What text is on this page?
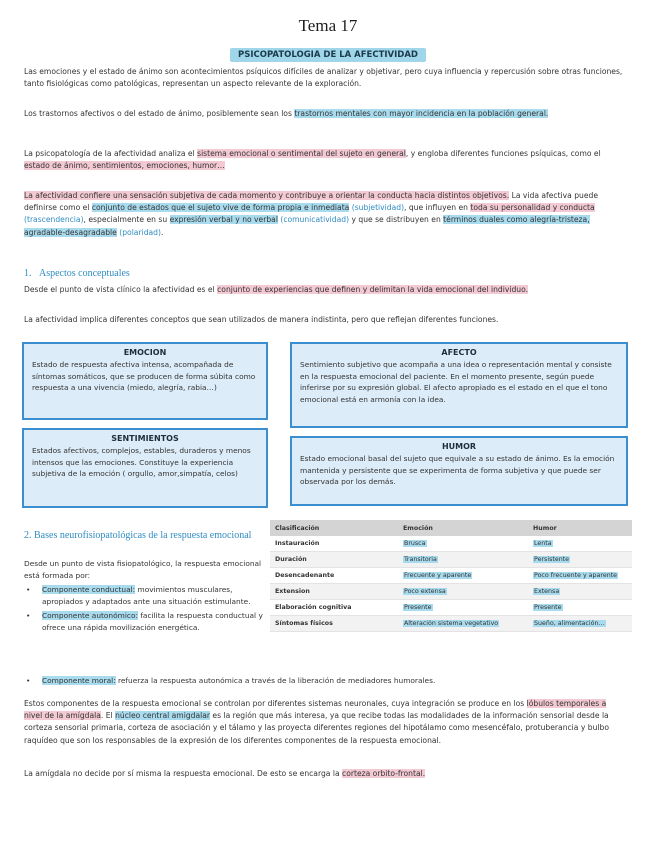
Tema 17
PSICOPATOLOGIA DE LA AFECTIVIDAD
Las emociones y el estado de ánimo son acontecimientos psíquicos difíciles de analizar y objetivar, pero cuya influencia y repercusión sobre otras funciones, tanto fisiológicas como patológicas, representan un aspecto relevante de la exploración.
Los trastornos afectivos o del estado de ánimo, posiblemente sean los trastornos mentales con mayor incidencia en la población general.
La psicopatología de la afectividad analiza el sistema emocional o sentimental del sujeto en general, y engloba diferentes funciones psíquicas, como el estado de ánimo, sentimientos, emociones, humor…
La afectividad confiere una sensación subjetiva de cada momento y contribuye a orientar la conducta hacia distintos objetivos. La vida afectiva puede definirse como el conjunto de estados que el sujeto vive de forma propia e inmediata (subjetividad), que influyen en toda su personalidad y conducta (trascendencia), especialmente en su expresión verbal y no verbal (comunicatividad) y que se distribuyen en términos duales como alegría-tristeza, agradable-desagradable (polaridad).
1. Aspectos conceptuales
Desde el punto de vista clínico la afectividad es el conjunto de experiencias que definen y delimitan la vida emocional del individuo.
La afectividad implica diferentes conceptos que sean utilizados de manera indistinta, pero que reflejan diferentes funciones.
EMOCION
Estado de respuesta afectiva intensa, acompañada de síntomas somáticos, que se producen de forma súbita como respuesta a una vivencia (miedo, alegría, rabia…)
AFECTO
Sentimiento subjetivo que acompaña a una idea o representación mental y consiste en la respuesta emocional del paciente. En el momento presente, según puede inferirse por su expresión global. El afecto apropiado es el estado en el que el tono emocional está en armonía con la idea.
SENTIMIENTOS
Estados afectivos, complejos, estables, duraderos y menos intensos que las emociones. Constituye la experiencia subjetiva de la emoción ( orgullo, amor,simpatía, celos)
HUMOR
Estado emocional basal del sujeto que equivale a su estado de ánimo. Es la emoción mantenida y persistente que se experimenta de forma subjetiva y que puede ser observada por los demás.
2. Bases neurofisiopatológicas de la respuesta emocional
Desde un punto de vista fisiopatológico, la respuesta emocional está formada por:
• Componente conductual: movimientos musculares, apropiados y adaptados ante una situación estimulante.
• Componente autonómico: facilita la respuesta conductual y ofrece una rápida movilización energética.
• Componente moral: refuerza la respuesta autonómica a través de la liberación de mediadores humorales.
Clasificación	Emoción	Humor
Instauración	Brusca	Lenta
Duración	Transitoria	Persistente
Desencadenante	Frecuente y aparente	Poco frecuente y aparente
Extension	Poco extensa	Extensa
Elaboración cognitiva	Presente	Presente
Síntomas físicos	Alteración sistema vegetativo	Sueño, alimentación…
Estos componentes de la respuesta emocional se controlan por diferentes sistemas neuronales, cuya integración se produce en los lóbulos temporales a nivel de la amígdala. El núcleo central amigdalar es la región que más interesa, ya que recibe todas las modalidades de la información sensorial desde la corteza sensorial primaria, corteza de asociación y el tálamo y las proyecta diferentes regiones del hipotálamo como mesencéfalo, protuberancia y bulbo raquídeo que son los responsables de la expresión de los diferentes componentes de la respuesta emocional.
La amígdala no decide por sí misma la respuesta emocional. De esto se encarga la corteza orbito-frontal.
